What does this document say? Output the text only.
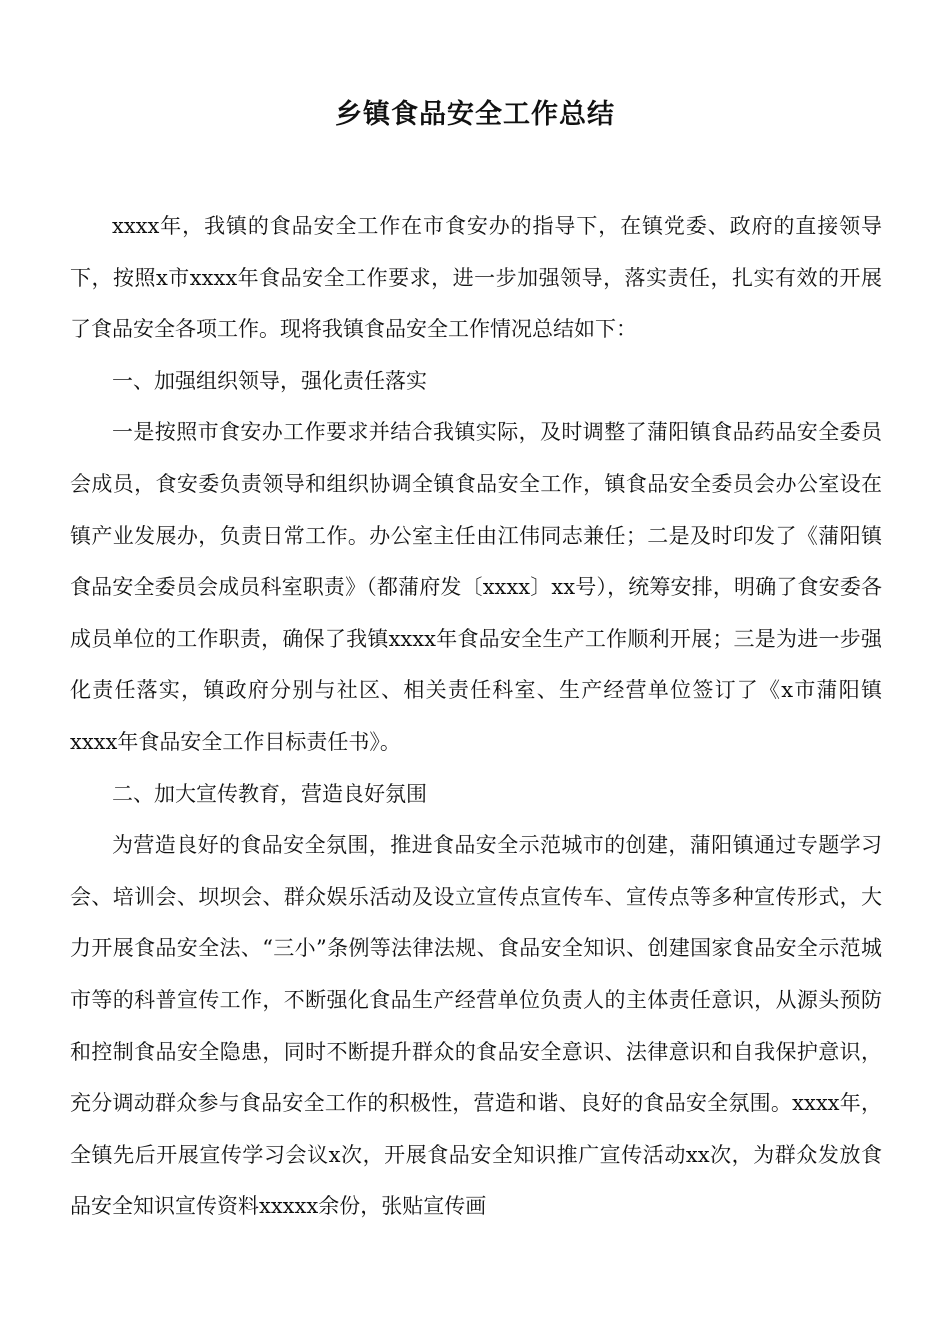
乡镇食品安全工作总结

xxxx年，我镇的食品安全工作在市食安办的指导下，在镇党委、政府的直接领导下，按照x市xxxx年食品安全工作要求，进一步加强领导，落实责任，扎实有效的开展了食品安全各项工作。现将我镇食品安全工作情况总结如下：

一、加强组织领导，强化责任落实

一是按照市食安办工作要求并结合我镇实际，及时调整了蒲阳镇食品药品安全委员会成员，食安委负责领导和组织协调全镇食品安全工作，镇食品安全委员会办公室设在镇产业发展办，负责日常工作。办公室主任由江伟同志兼任；二是及时印发了《蒲阳镇食品安全委员会成员科室职责》（都蒲府发〔xxxx〕xx号），统筹安排，明确了食安委各成员单位的工作职责，确保了我镇xxxx年食品安全生产工作顺利开展；三是为进一步强化责任落实，镇政府分别与社区、相关责任科室、生产经营单位签订了《x市蒲阳镇xxxx年食品安全工作目标责任书》。

二、加大宣传教育，营造良好氛围

为营造良好的食品安全氛围，推进食品安全示范城市的创建，蒲阳镇通过专题学习会、培训会、坝坝会、群众娱乐活动及设立宣传点宣传车、宣传点等多种宣传形式，大力开展食品安全法、“三小”条例等法律法规、食品安全知识、创建国家食品安全示范城市等的科普宣传工作，不断强化食品生产经营单位负责人的主体责任意识，从源头预防和控制食品安全隐患，同时不断提升群众的食品安全意识、法律意识和自我保护意识，充分调动群众参与食品安全工作的积极性，营造和谐、良好的食品安全氛围。xxxx年，全镇先后开展宣传学习会议x次，开展食品安全知识推广宣传活动xx次，为群众发放食品安全知识宣传资料xxxxx余份，张贴宣传画
